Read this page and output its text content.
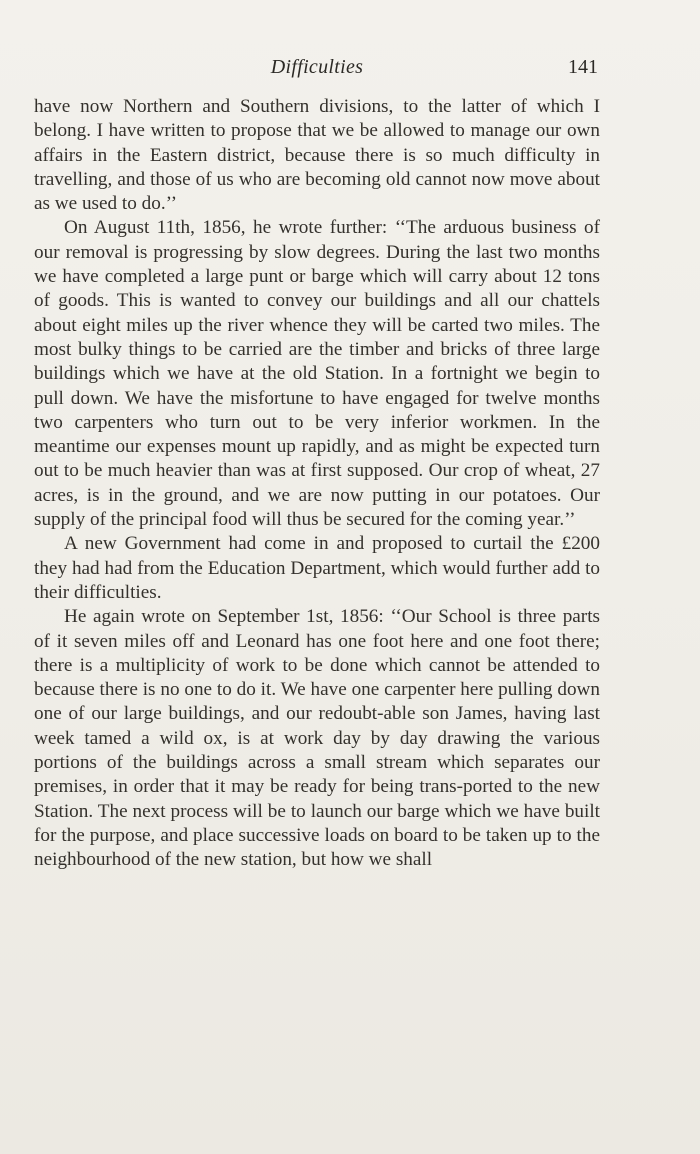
Difficulties	141

have now Northern and Southern divisions, to the latter of which I belong. I have written to propose that we be allowed to manage our own affairs in the Eastern district, because there is so much difficulty in travelling, and those of us who are becoming old cannot now move about as we used to do.’’

On August 11th, 1856, he wrote further: ‘‘The arduous business of our removal is progressing by slow degrees. During the last two months we have completed a large punt or barge which will carry about 12 tons of goods. This is wanted to convey our buildings and all our chattels about eight miles up the river whence they will be carted two miles. The most bulky things to be carried are the timber and bricks of three large buildings which we have at the old Station. In a fortnight we begin to pull down. We have the misfortune to have engaged for twelve months two carpenters who turn out to be very inferior workmen. In the meantime our expenses mount up rapidly, and as might be expected turn out to be much heavier than was at first supposed. Our crop of wheat, 27 acres, is in the ground, and we are now putting in our potatoes. Our supply of the principal food will thus be secured for the coming year.’’

A new Government had come in and proposed to curtail the £200 they had had from the Education Department, which would further add to their difficulties.

He again wrote on September 1st, 1856: ‘‘Our School is three parts of it seven miles off and Leonard has one foot here and one foot there; there is a multiplicity of work to be done which cannot be attended to because there is no one to do it. We have one carpenter here pulling down one of our large buildings, and our redoubt-able son James, having last week tamed a wild ox, is at work day by day drawing the various portions of the buildings across a small stream which separates our premises, in order that it may be ready for being trans-ported to the new Station. The next process will be to launch our barge which we have built for the purpose, and place successive loads on board to be taken up to the neighbourhood of the new station, but how we shall
